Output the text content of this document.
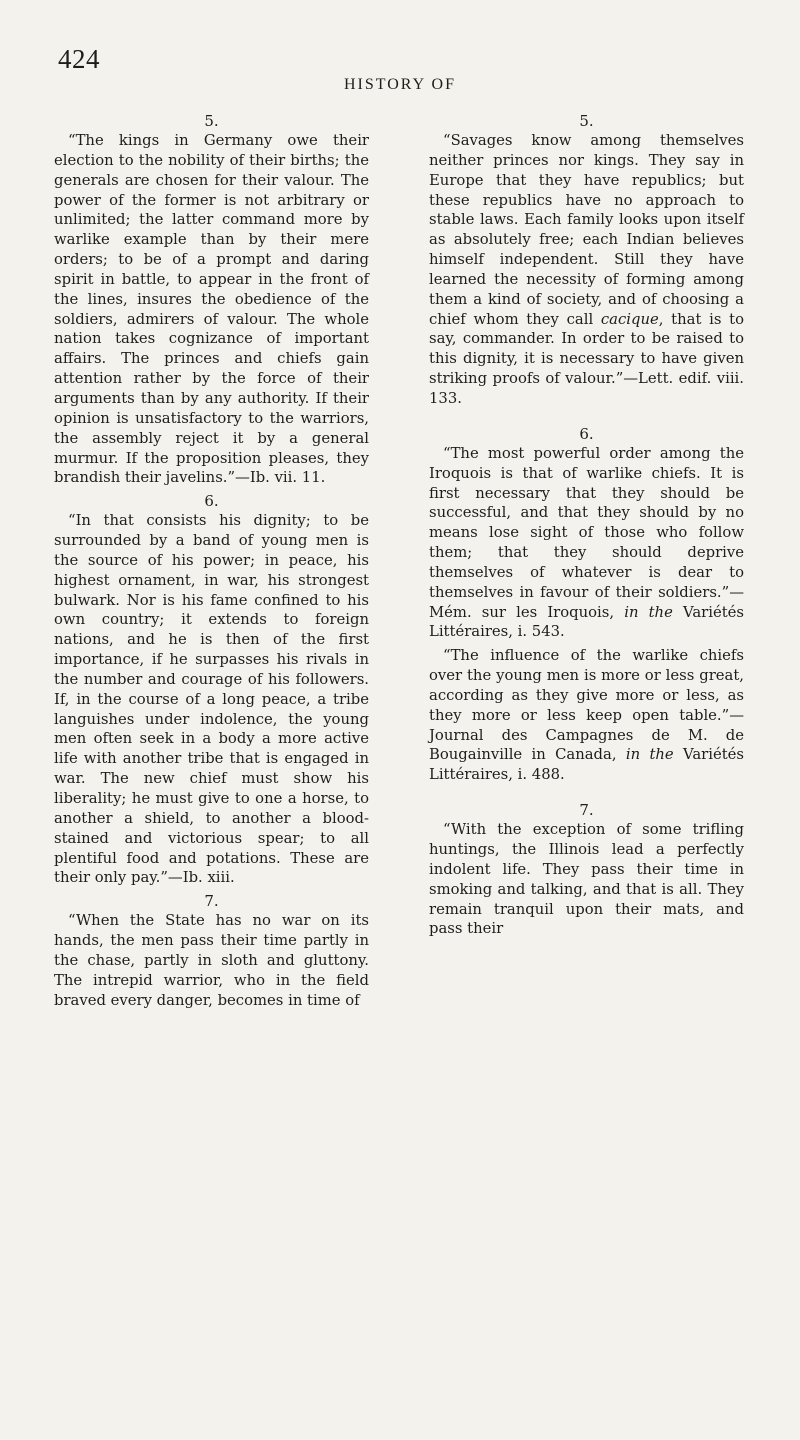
424
HISTORY OF

5.

“The kings in Germany owe their election to the nobility of their births; the generals are chosen for their valour. The power of the former is not arbitrary or unlimited; the latter command more by warlike example than by their mere orders; to be of a prompt and daring spirit in battle, to appear in the front of the lines, insures the obedience of the soldiers, admirers of valour. The whole nation takes cognizance of important affairs. The princes and chiefs gain attention rather by the force of their arguments than by any authority. If their opinion is unsatisfactory to the warriors, the assembly reject it by a general murmur. If the proposition pleases, they brandish their javelins.”—Ib. vii. 11.

6.

“In that consists his dignity; to be surrounded by a band of young men is the source of his power; in peace, his highest ornament, in war, his strongest bulwark. Nor is his fame confined to his own country; it extends to foreign nations, and he is then of the first importance, if he surpasses his rivals in the number and courage of his followers. If, in the course of a long peace, a tribe languishes under indolence, the young men often seek in a body a more active life with another tribe that is engaged in war. The new chief must show his liberality; he must give to one a horse, to another a shield, to another a blood-stained and victorious spear; to all plentiful food and potations. These are their only pay.”—Ib. xiii.

7.

“When the State has no war on its hands, the men pass their time partly in the chase, partly in sloth and gluttony. The intrepid warrior, who in the field braved every danger, becomes in time of

5.

“Savages know among themselves neither princes nor kings. They say in Europe that they have republics; but these republics have no approach to stable laws. Each family looks upon itself as absolutely free; each Indian believes himself independent. Still they have learned the necessity of forming among them a kind of society, and of choosing a chief whom they call cacique, that is to say, commander. In order to be raised to this dignity, it is necessary to have given striking proofs of valour.”—Lett. edif. viii. 133.

6.

“The most powerful order among the Iroquois is that of warlike chiefs. It is first necessary that they should be successful, and that they should by no means lose sight of those who follow them; that they should deprive themselves of whatever is dear to themselves in favour of their soldiers.”—Mém. sur les Iroquois, in the Variétés Littéraires, i. 543.

“The influence of the warlike chiefs over the young men is more or less great, according as they give more or less, as they more or less keep open table.”—Journal des Campagnes de M. de Bougainville in Canada, in the Variétés Littéraires, i. 488.

7.

“With the exception of some trifling huntings, the Illinois lead a perfectly indolent life. They pass their time in smoking and talking, and that is all. They remain tranquil upon their mats, and pass their
